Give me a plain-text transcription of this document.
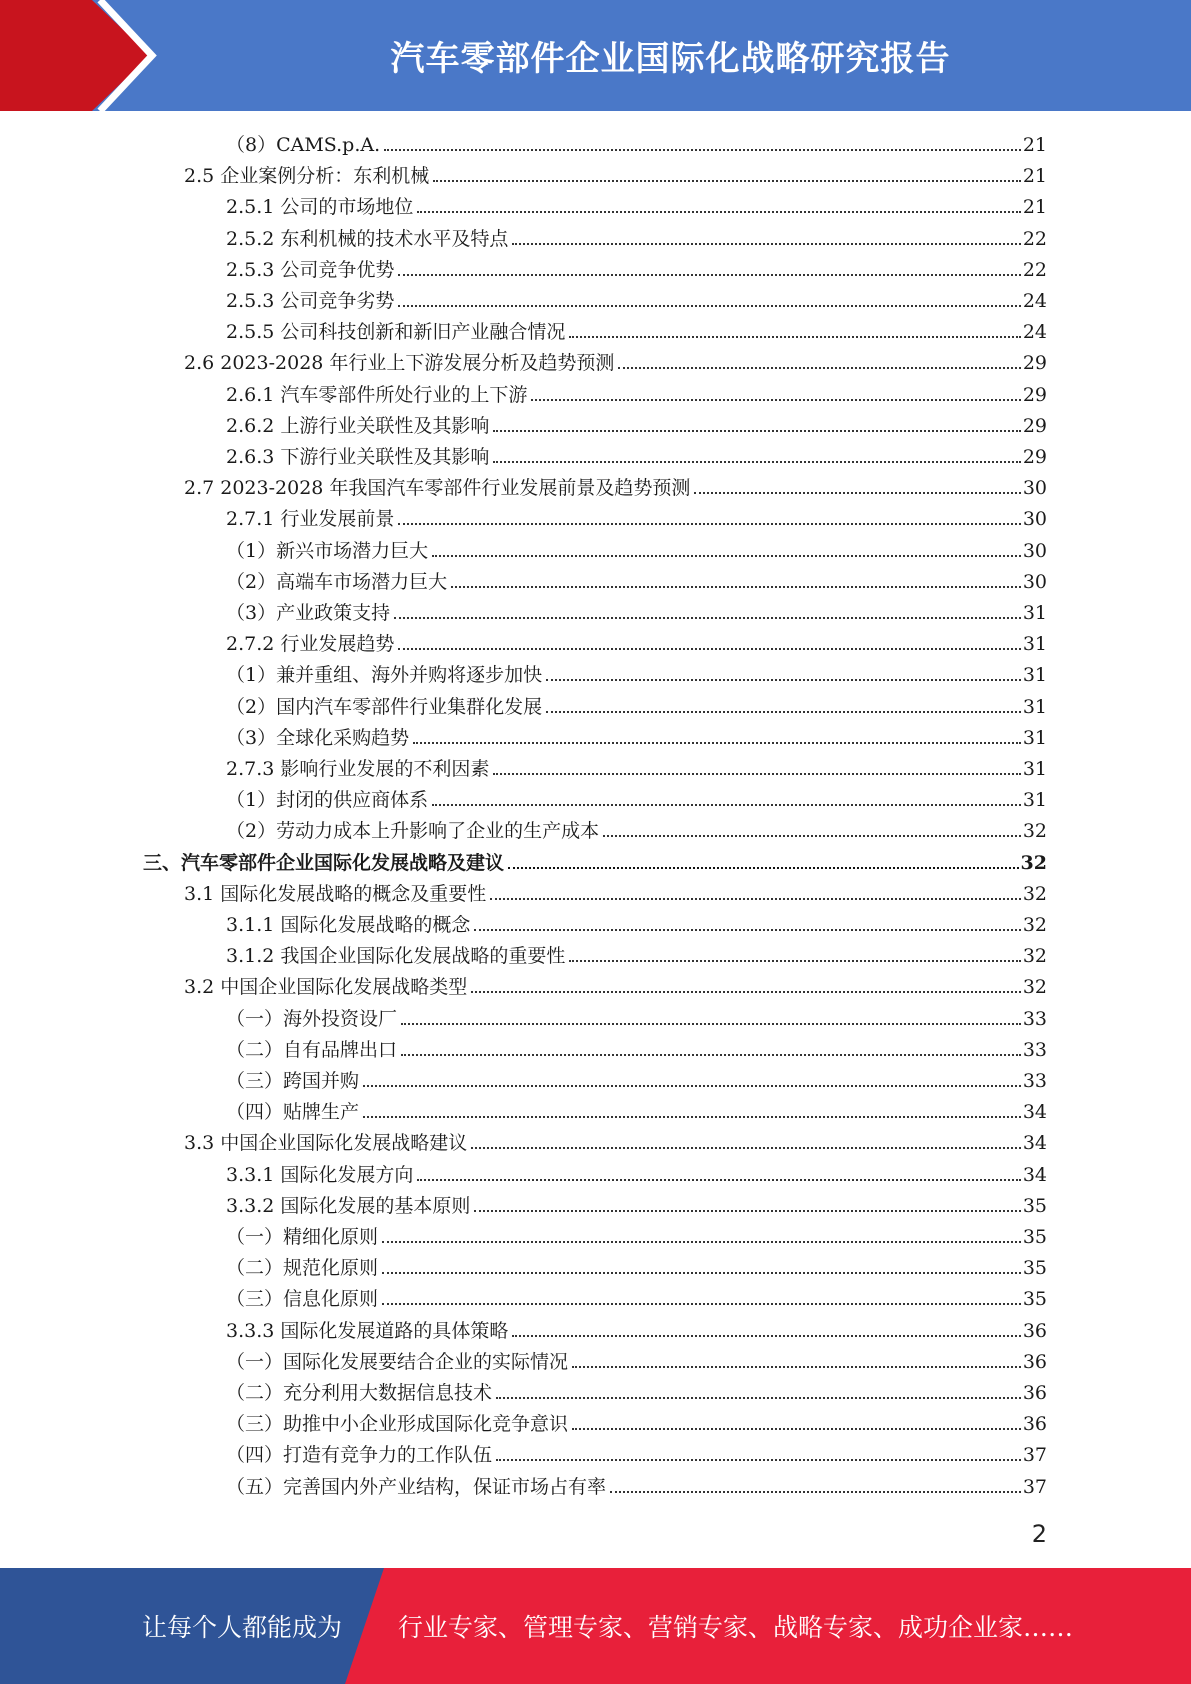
汽车零部件企业国际化战略研究报告
（8）CAMS.p.A.	21
2.5 企业案例分析：东利机械	21
2.5.1 公司的市场地位	21
2.5.2 东利机械的技术水平及特点	22
2.5.3 公司竞争优势	22
2.5.3 公司竞争劣势	24
2.5.5 公司科技创新和新旧产业融合情况	24
2.6 2023-2028 年行业上下游发展分析及趋势预测	29
2.6.1 汽车零部件所处行业的上下游	29
2.6.2 上游行业关联性及其影响	29
2.6.3 下游行业关联性及其影响	29
2.7 2023-2028 年我国汽车零部件行业发展前景及趋势预测	30
2.7.1 行业发展前景	30
（1）新兴市场潜力巨大	30
（2）高端车市场潜力巨大	30
（3）产业政策支持	31
2.7.2 行业发展趋势	31
（1）兼并重组、海外并购将逐步加快	31
（2）国内汽车零部件行业集群化发展	31
（3）全球化采购趋势	31
2.7.3 影响行业发展的不利因素	31
（1）封闭的供应商体系	31
（2）劳动力成本上升影响了企业的生产成本	32
三、汽车零部件企业国际化发展战略及建议	32
3.1 国际化发展战略的概念及重要性	32
3.1.1 国际化发展战略的概念	32
3.1.2 我国企业国际化发展战略的重要性	32
3.2 中国企业国际化发展战略类型	32
（一）海外投资设厂	33
（二）自有品牌出口	33
（三）跨国并购	33
（四）贴牌生产	34
3.3 中国企业国际化发展战略建议	34
3.3.1 国际化发展方向	34
3.3.2 国际化发展的基本原则	35
（一）精细化原则	35
（二）规范化原则	35
（三）信息化原则	35
3.3.3 国际化发展道路的具体策略	36
（一）国际化发展要结合企业的实际情况	36
（二）充分利用大数据信息技术	36
（三）助推中小企业形成国际化竞争意识	36
（四）打造有竞争力的工作队伍	37
（五）完善国内外产业结构，保证市场占有率	37
2
让每个人都能成为 行业专家、管理专家、营销专家、战略专家、成功企业家……
